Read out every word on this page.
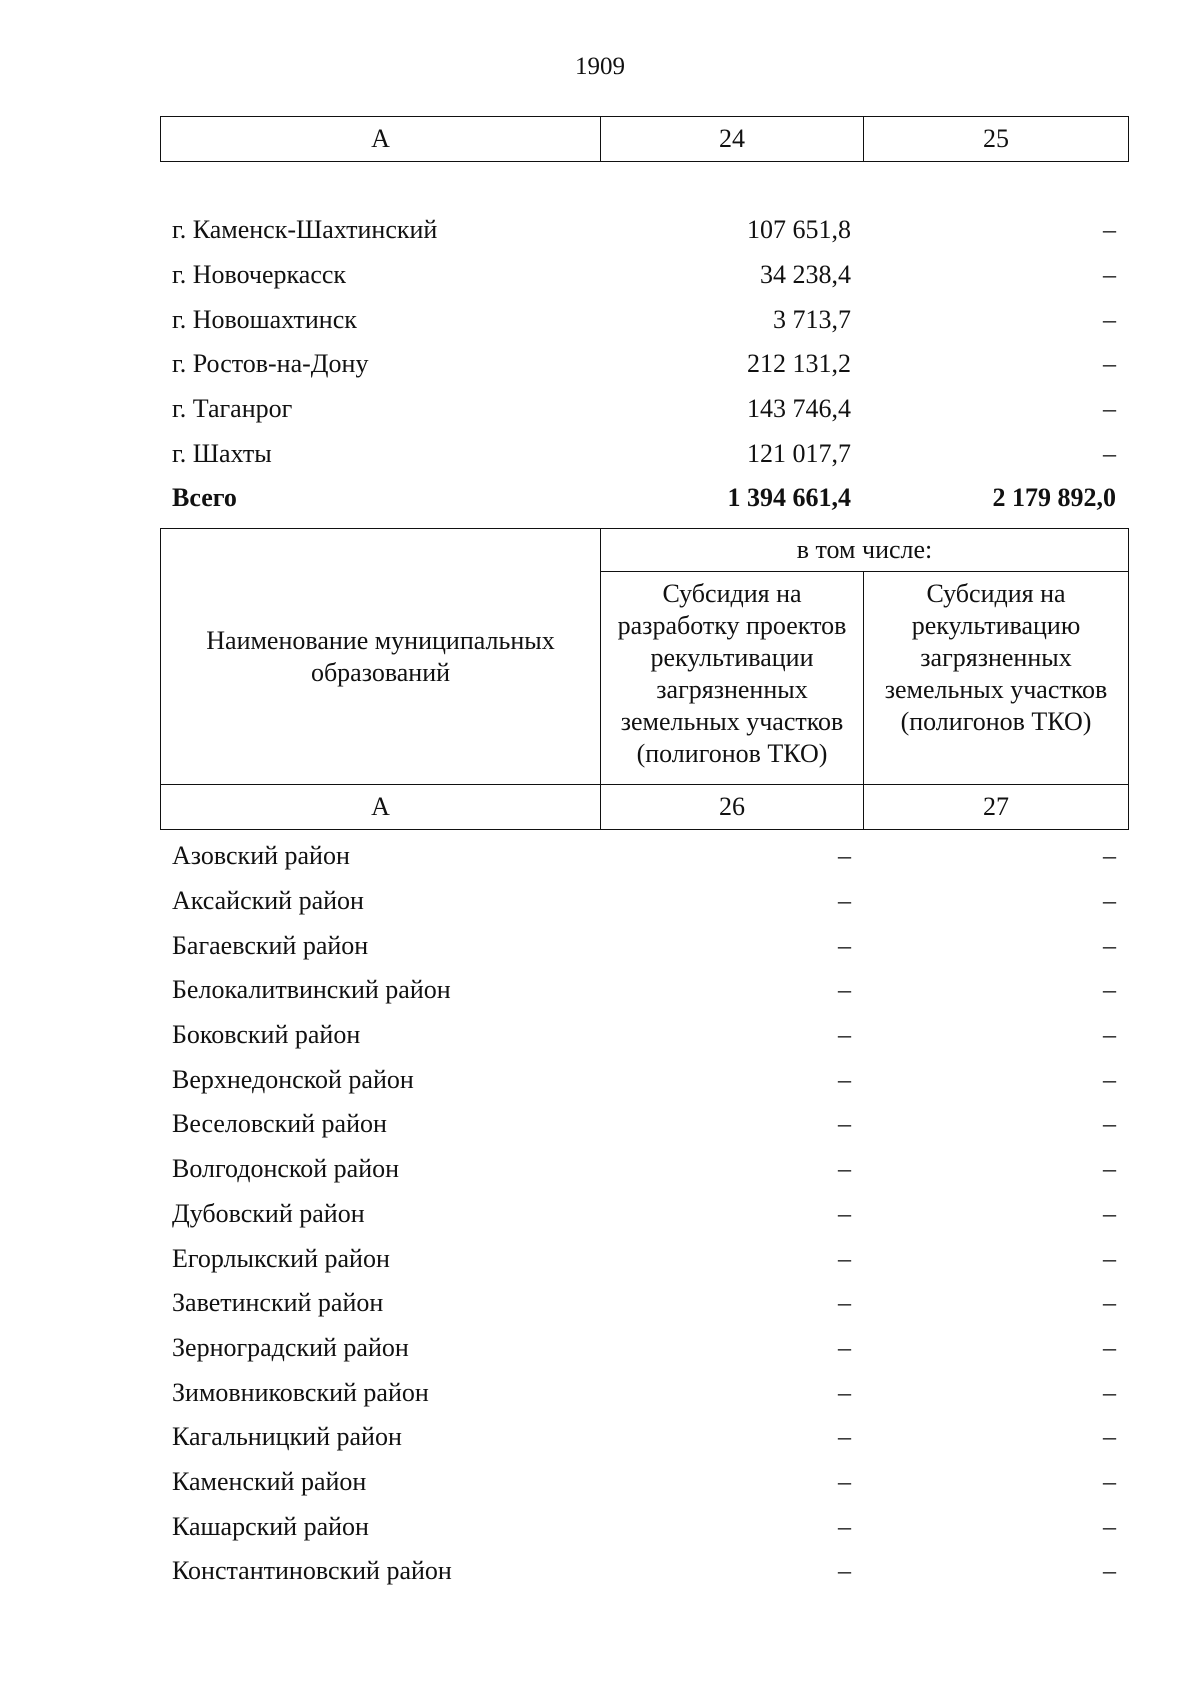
1909
А	24	25
г. Каменск-Шахтинский	107 651,8	–
г. Новочеркасск	34 238,4	–
г. Новошахтинск	3 713,7	–
г. Ростов-на-Дону	212 131,2	–
г. Таганрог	143 746,4	–
г. Шахты	121 017,7	–
Всего	1 394 661,4	2 179 892,0
Наименование муниципальных образований	в том числе:	

	Субсидия на разработку проектов рекультивации загрязненных земельных участков (полигонов ТКО)	Субсидия на рекультивацию загрязненных земельных участков (полигонов ТКО)
А	26	27
Азовский район	–	–
Аксайский район	–	–
Багаевский район	–	–
Белокалитвинский район	–	–
Боковский район	–	–
Верхнедонской район	–	–
Веселовский район	–	–
Волгодонской район	–	–
Дубовский район	–	–
Егорлыкский район	–	–
Заветинский район	–	–
Зерноградский район	–	–
Зимовниковский район	–	–
Кагальницкий район	–	–
Каменский район	–	–
Кашарский район	–	–
Константиновский район	–	–
